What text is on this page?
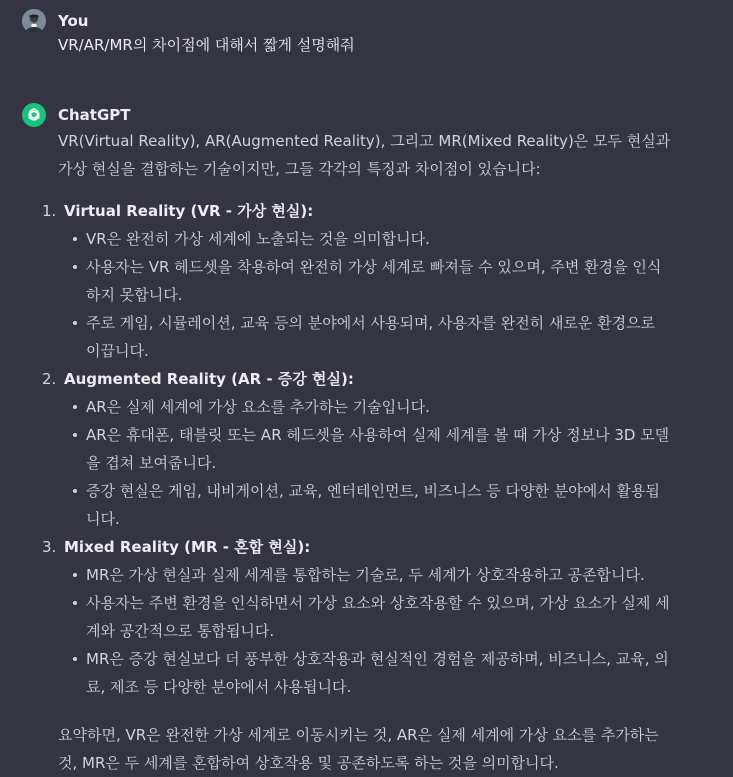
You
VR/AR/MR의 차이점에 대해서 짧게 설명해줘
ChatGPT

VR(Virtual Reality), AR(Augmented Reality), 그리고 MR(Mixed Reality)은 모두 현실과 가상 현실을 결합하는 기술이지만, 그들 각각의 특징과 차이점이 있습니다:

1. Virtual Reality (VR - 가상 현실):
VR은 완전히 가상 세계에 노출되는 것을 의미합니다.
사용자는 VR 헤드셋을 착용하여 완전히 가상 세계로 빠져들 수 있으며, 주변 환경을 인식하지 못합니다.
주로 게임, 시뮬레이션, 교육 등의 분야에서 사용되며, 사용자를 완전히 새로운 환경으로 이끕니다.
2. Augmented Reality (AR - 증강 현실):
AR은 실제 세계에 가상 요소를 추가하는 기술입니다.
AR은 휴대폰, 태블릿 또는 AR 헤드셋을 사용하여 실제 세계를 볼 때 가상 정보나 3D 모델을 겹쳐 보여줍니다.
증강 현실은 게임, 내비게이션, 교육, 엔터테인먼트, 비즈니스 등 다양한 분야에서 활용됩니다.
3. Mixed Reality (MR - 혼합 현실):
MR은 가상 현실과 실제 세계를 통합하는 기술로, 두 세계가 상호작용하고 공존합니다.
사용자는 주변 환경을 인식하면서 가상 요소와 상호작용할 수 있으며, 가상 요소가 실제 세계와 공간적으로 통합됩니다.
MR은 증강 현실보다 더 풍부한 상호작용과 현실적인 경험을 제공하며, 비즈니스, 교육, 의료, 제조 등 다양한 분야에서 사용됩니다.

요약하면, VR은 완전한 가상 세계로 이동시키는 것, AR은 실제 세계에 가상 요소를 추가하는 것, MR은 두 세계를 혼합하여 상호작용 및 공존하도록 하는 것을 의미합니다.
